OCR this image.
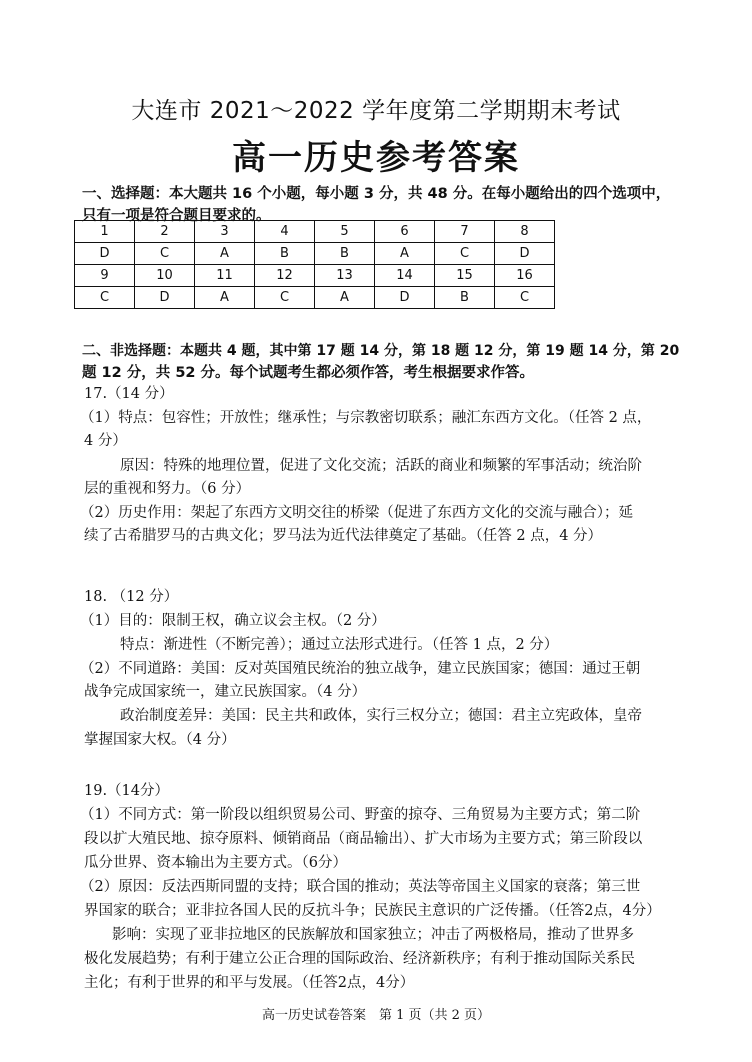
大连市 2021～2022 学年度第二学期期末考试
高一历史参考答案
一、选择题：本大题共 16 个小题，每小题 3 分，共 48 分。在每小题给出的四个选项中，
只有一项是符合题目要求的。
1	2	3	4	5	6	7	8
D	C	A	B	B	A	C	D
9	10	11	12	13	14	15	16
C	D	A	C	A	D	B	C
二、非选择题：本题共 4 题，其中第 17 题 14 分，第 18 题 12 分，第 19 题 14 分，第 20
题 12 分，共 52 分。每个试题考生都必须作答，考生根据要求作答。
17.（14 分）
（1）特点：包容性；开放性；继承性；与宗教密切联系；融汇东西方文化。（任答 2 点，
4 分）
原因：特殊的地理位置，促进了文化交流；活跃的商业和频繁的军事活动；统治阶
层的重视和努力。（6 分）
（2）历史作用：架起了东西方文明交往的桥梁（促进了东西方文化的交流与融合）；延
续了古希腊罗马的古典文化；罗马法为近代法律奠定了基础。（任答 2 点，4 分）
18. （12 分）
（1）目的：限制王权，确立议会主权。（2 分）
特点：渐进性（不断完善）；通过立法形式进行。（任答 1 点，2 分）
（2）不同道路：美国：反对英国殖民统治的独立战争，建立民族国家；德国：通过王朝
战争完成国家统一，建立民族国家。（4 分）
政治制度差异：美国：民主共和政体，实行三权分立；德国：君主立宪政体，皇帝
掌握国家大权。（4 分）
19.（14分）
（1）不同方式：第一阶段以组织贸易公司、野蛮的掠夺、三角贸易为主要方式；第二阶
段以扩大殖民地、掠夺原料、倾销商品（商品输出）、扩大市场为主要方式；第三阶段以
瓜分世界、资本输出为主要方式。（6分）
（2）原因：反法西斯同盟的支持；联合国的推动；英法等帝国主义国家的衰落；第三世
界国家的联合；亚非拉各国人民的反抗斗争；民族民主意识的广泛传播。（任答2点，4分）
影响：实现了亚非拉地区的民族解放和国家独立；冲击了两极格局，推动了世界多
极化发展趋势；有利于建立公正合理的国际政治、经济新秩序；有利于推动国际关系民
主化；有利于世界的和平与发展。（任答2点，4分）
高一历史试卷答案　第 1 页（共 2 页）
